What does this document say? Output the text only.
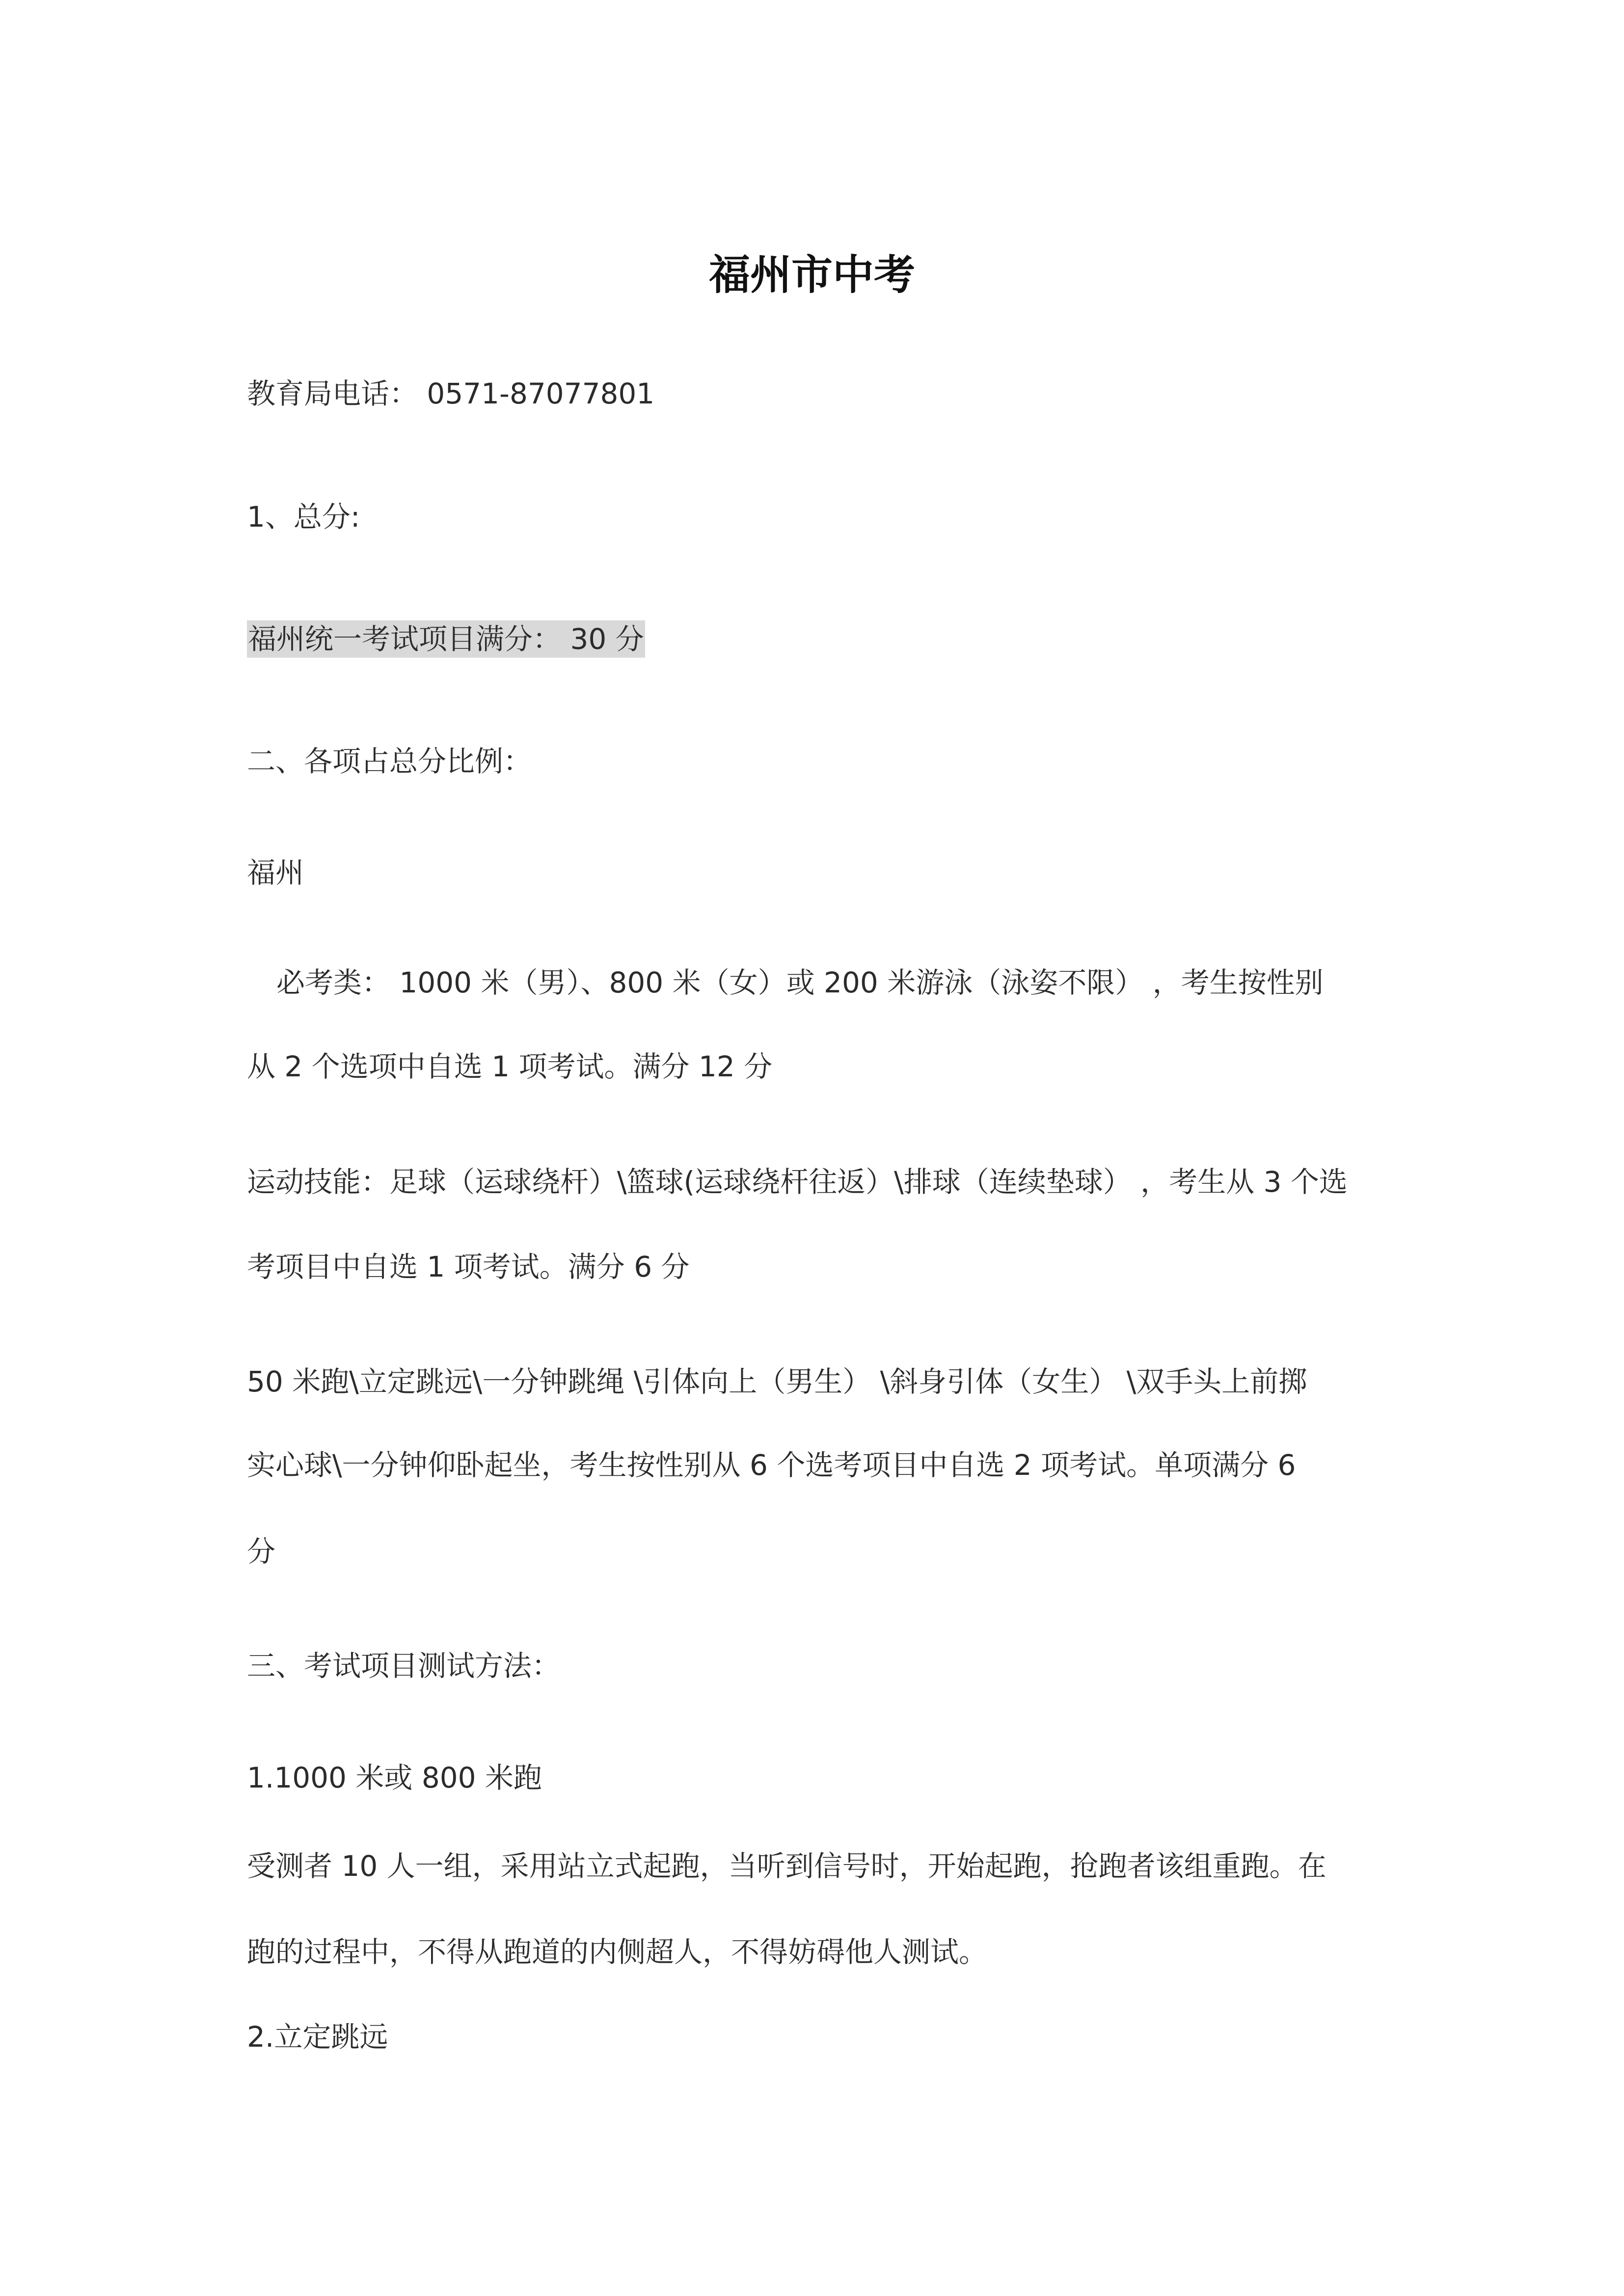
福州市中考
教育局电话： 0571-87077801
1、总分:
福州统一考试项目满分： 30 分
二、各项占总分比例：
福州
必考类： 1000 米（男）、800 米（女）或 200 米游泳（泳姿不限） ，考生按性别
从 2 个选项中自选 1 项考试。满分 12 分
运动技能：足球（运球绕杆）\篮球(运球绕杆往返）\排球（连续垫球） ，考生从 3 个选
考项目中自选 1 项考试。满分 6 分
50 米跑\立定跳远\一分钟跳绳 \引体向上（男生） \斜身引体（女生） \双手头上前掷
实心球\一分钟仰卧起坐，考生按性别从 6 个选考项目中自选 2 项考试。单项满分 6
分
三、考试项目测试方法：
1.1000 米或 800 米跑
受测者 10 人一组，采用站立式起跑，当听到信号时，开始起跑，抢跑者该组重跑。在
跑的过程中，不得从跑道的内侧超人，不得妨碍他人测试。
2.立定跳远
